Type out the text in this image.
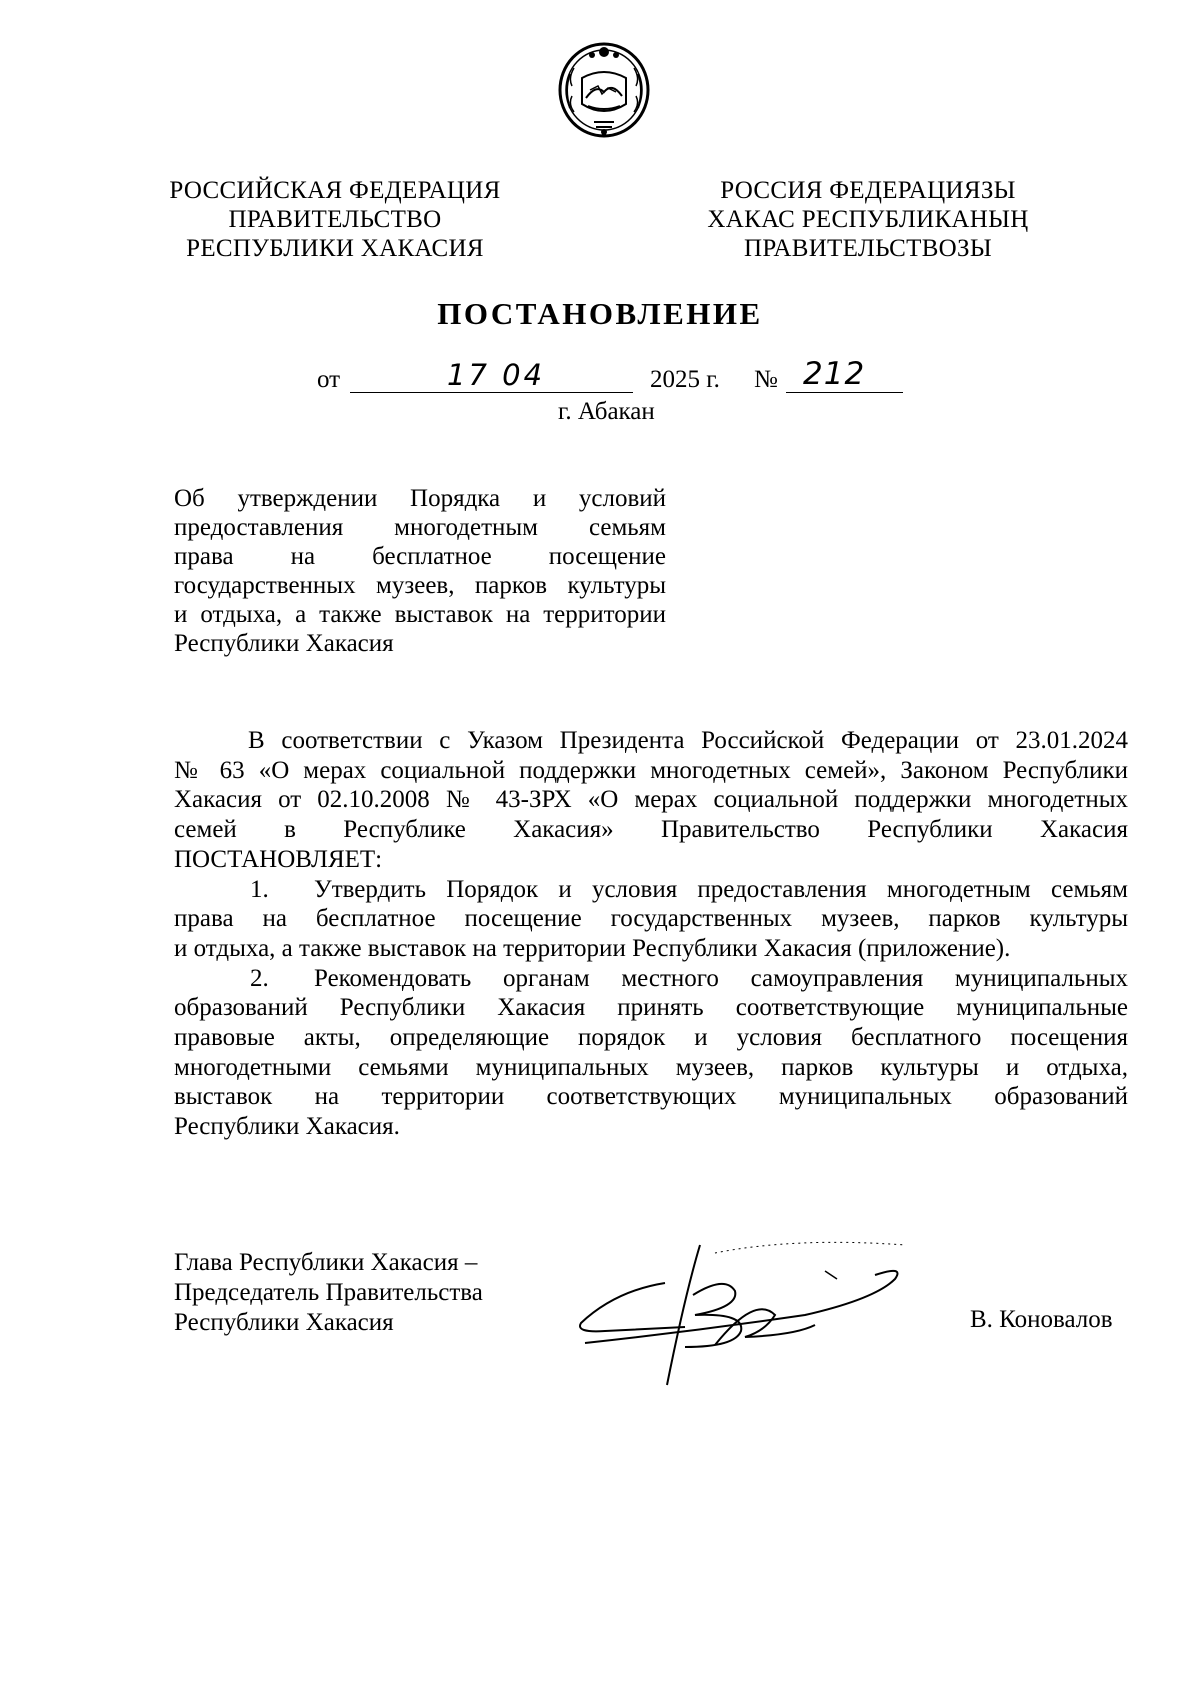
РОССИЙСКАЯ ФЕДЕРАЦИЯ
ПРАВИТЕЛЬСТВО
РЕСПУБЛИКИ ХАКАСИЯ
РОССИЯ ФЕДЕРАЦИЯЗЫ
ХАКАС РЕСПУБЛИКАНЫҢ
ПРАВИТЕЛЬСТВОЗЫ
ПОСТАНОВЛЕНИЕ
от	17 04	2025 г. № 212
г. Абакан
Об утверждении Порядка и условий
предоставления многодетным семьям
права на бесплатное посещение
государственных музеев, парков культуры
и отдыха, а также выставок на территории
Республики Хакасия
В соответствии с Указом Президента Российской Федерации от 23.01.2024
№ 63 «О мерах социальной поддержки многодетных семей», Законом Республики
Хакасия от 02.10.2008 № 43-ЗРХ «О мерах социальной поддержки многодетных
семей в Республике Хакасия» Правительство Республики Хакасия
ПОСТАНОВЛЯЕТ:
1. Утвердить Порядок и условия предоставления многодетным семьям
права на бесплатное посещение государственных музеев, парков культуры
и отдыха, а также выставок на территории Республики Хакасия (приложение).
2. Рекомендовать органам местного самоуправления муниципальных
образований Республики Хакасия принять соответствующие муниципальные
правовые акты, определяющие порядок и условия бесплатного посещения
многодетными семьями муниципальных музеев, парков культуры и отдыха,
выставок на территории соответствующих муниципальных образований
Республики Хакасия.
Глава Республики Хакасия –
Председатель Правительства
Республики Хакасия	В. Коновалов
